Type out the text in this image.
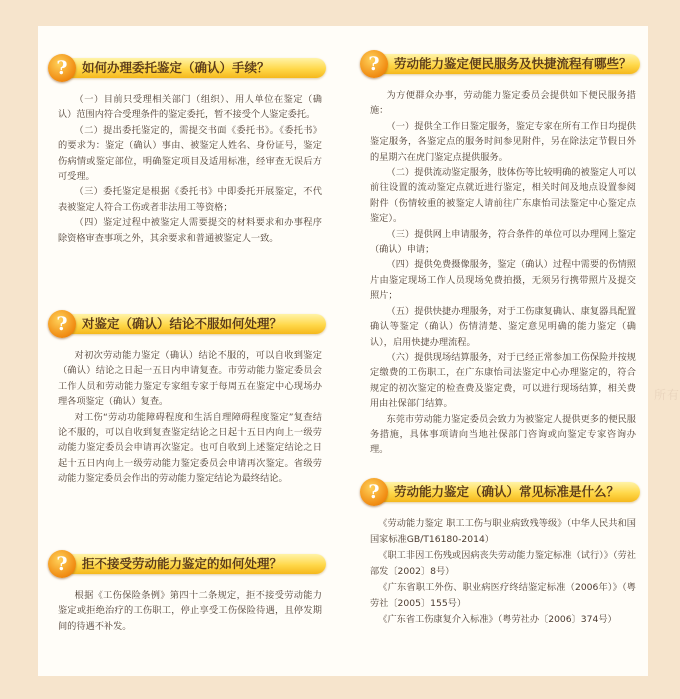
?	如何办理委托鉴定（确认）手续？

（一）目前只受理相关部门（组织）、用人单位在鉴定（确认）范围内符合受理条件的鉴定委托，暂不接受个人鉴定委托。

（二）提出委托鉴定的，需提交书面《委托书》。《委托书》的要求为：鉴定（确认）事由、被鉴定人姓名、身份证号，鉴定伤病情或鉴定部位，明确鉴定项目及适用标准，经审查无误后方可受理。

（三）委托鉴定是根据《委托书》中即委托开展鉴定，不代表被鉴定人符合工伤或者非法用工等资格；

（四）鉴定过程中被鉴定人需要提交的材料要求和办事程序除资格审查事项之外，其余要求和普通被鉴定人一致。

?	对鉴定（确认）结论不服如何处理？

对初次劳动能力鉴定（确认）结论不服的，可以自收到鉴定（确认）结论之日起一五日内申请复查。市劳动能力鉴定委员会工作人员和劳动能力鉴定专家组专家于每周五在鉴定中心现场办理各项鉴定（确认）复查。

对工伤“劳动功能障碍程度和生活自理障碍程度鉴定”复查结论不服的，可以自收到复查鉴定结论之日起十五日内向上一级劳动能力鉴定委员会申请再次鉴定。也可自收到上述鉴定结论之日起十五日内向上一级劳动能力鉴定委员会申请再次鉴定。省级劳动能力鉴定委员会作出的劳动能力鉴定结论为最终结论。

?	拒不接受劳动能力鉴定的如何处理？

根据《工伤保险条例》第四十二条规定，拒不接受劳动能力鉴定或拒绝治疗的工伤职工，停止享受工伤保险待遇，且停发期间的待遇不补发。

?	劳动能力鉴定便民服务及快捷流程有哪些？

为方便群众办事，劳动能力鉴定委员会提供如下便民服务措施：

（一）提供全工作日鉴定服务，鉴定专家在所有工作日均提供鉴定服务，各鉴定点的服务时间参见附件，另在除法定节假日外的星期六在虎门鉴定点提供服务。

（二）提供流动鉴定服务，肢体伤等比较明确的被鉴定人可以前往设置的流动鉴定点就近进行鉴定，相关时间及地点设置参阅附件（伤情较重的被鉴定人请前往广东康怡司法鉴定中心鉴定点鉴定）。

（三）提供网上申请服务，符合条件的单位可以办理网上鉴定（确认）申请；

（四）提供免费摄像服务，鉴定（确认）过程中需要的伤情照片由鉴定现场工作人员现场免费拍摄，无须另行携带照片及提交照片；

（五）提供快捷办理服务，对于工伤康复确认、康复器具配置确认等鉴定（确认）伤情清楚、鉴定意见明确的能力鉴定（确认），启用快捷办理流程。

（六）提供现场结算服务，对于已经正常参加工伤保险并按规定缴费的工伤职工，在广东康怡司法鉴定中心办理鉴定的，符合规定的初次鉴定的检查费及鉴定费，可以进行现场结算，相关费用由社保部门结算。

东莞市劳动能力鉴定委员会致力为被鉴定人提供更多的便民服务措施，具体事项请向当地社保部门咨询或向鉴定专家咨询办理。

?	劳动能力鉴定（确认）常见标准是什么？

《劳动能力鉴定 职工工伤与职业病致残等级》（中华人民共和国国家标准GB/T16180-2014）

《职工非因工伤残或因病丧失劳动能力鉴定标准（试行）》（劳社部发〔2002〕8号）

《广东省职工外伤、职业病医疗终结鉴定标准（2006年）》（粤劳社〔2005〕155号）

《广东省工伤康复介入标准》（粤劳社办〔2006〕374号）

所有
